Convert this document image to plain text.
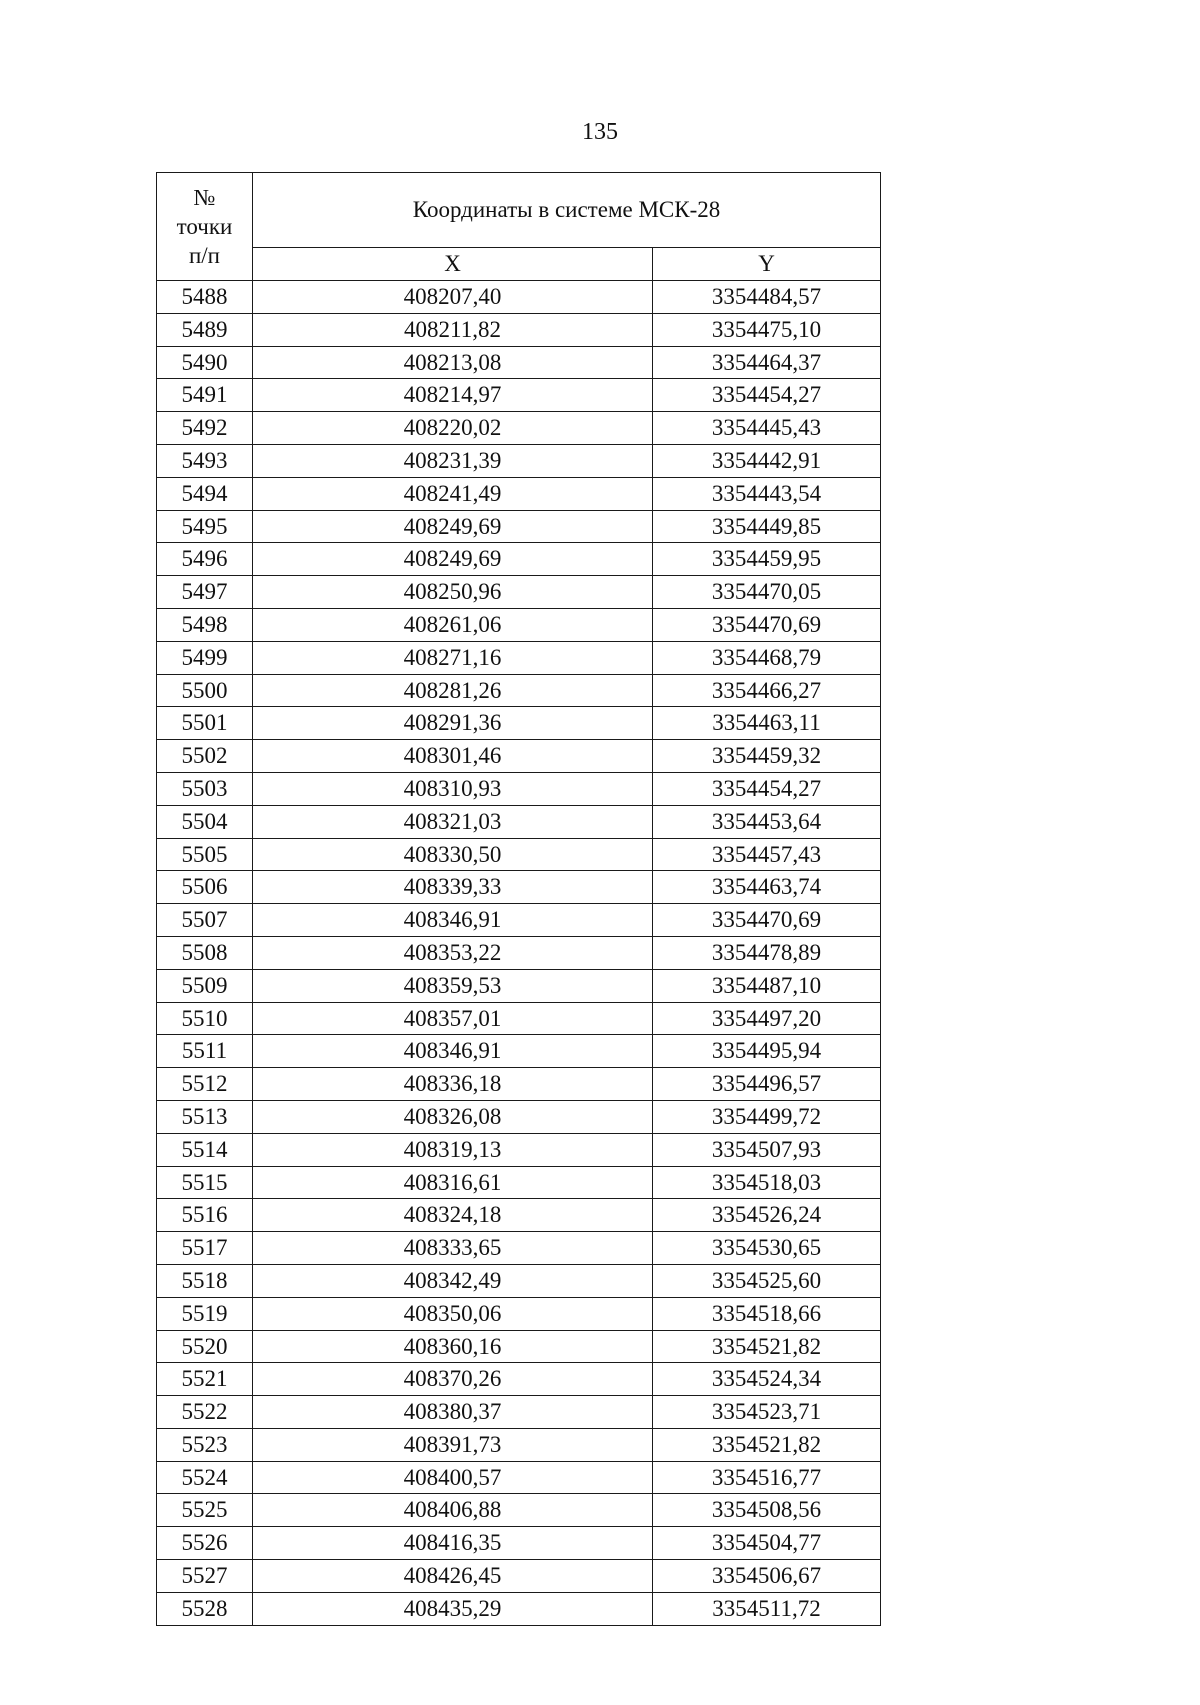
135
№
точки
п/п	Координаты в системе МСК-28	
	X	Y
5488	408207,40	3354484,57
5489	408211,82	3354475,10
5490	408213,08	3354464,37
5491	408214,97	3354454,27
5492	408220,02	3354445,43
5493	408231,39	3354442,91
5494	408241,49	3354443,54
5495	408249,69	3354449,85
5496	408249,69	3354459,95
5497	408250,96	3354470,05
5498	408261,06	3354470,69
5499	408271,16	3354468,79
5500	408281,26	3354466,27
5501	408291,36	3354463,11
5502	408301,46	3354459,32
5503	408310,93	3354454,27
5504	408321,03	3354453,64
5505	408330,50	3354457,43
5506	408339,33	3354463,74
5507	408346,91	3354470,69
5508	408353,22	3354478,89
5509	408359,53	3354487,10
5510	408357,01	3354497,20
5511	408346,91	3354495,94
5512	408336,18	3354496,57
5513	408326,08	3354499,72
5514	408319,13	3354507,93
5515	408316,61	3354518,03
5516	408324,18	3354526,24
5517	408333,65	3354530,65
5518	408342,49	3354525,60
5519	408350,06	3354518,66
5520	408360,16	3354521,82
5521	408370,26	3354524,34
5522	408380,37	3354523,71
5523	408391,73	3354521,82
5524	408400,57	3354516,77
5525	408406,88	3354508,56
5526	408416,35	3354504,77
5527	408426,45	3354506,67
5528	408435,29	3354511,72
